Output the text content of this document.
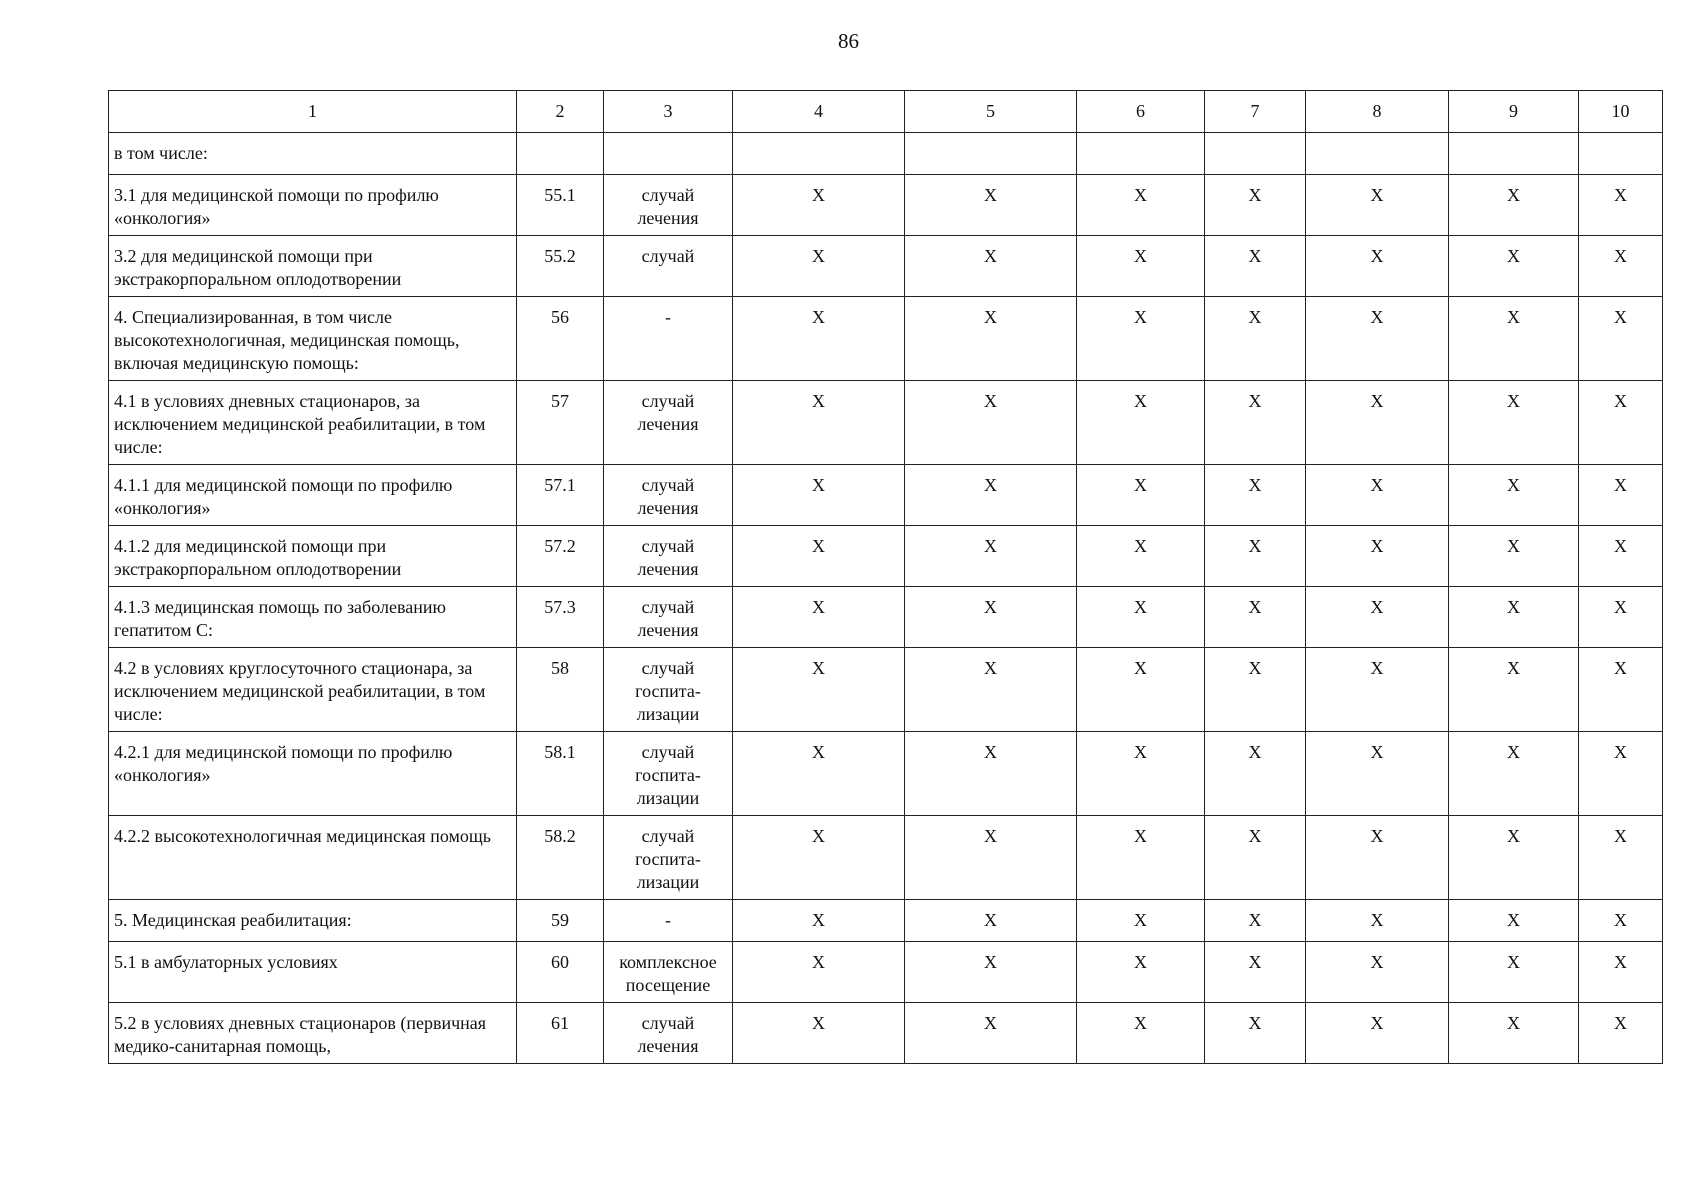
86
1	2	3	4	5	6	7	8	9	10
в том числе:									
3.1 для медицинской помощи по профилю «онкология»	55.1	случай лечения	X	X	X	X	X	X	X
3.2 для медицинской помощи при экстракорпоральном оплодотворении	55.2	случай	X	X	X	X	X	X	X
4. Специализированная, в том числе высокотехнологичная, медицинская помощь, включая медицинскую помощь:	56	-	X	X	X	X	X	X	X
4.1 в условиях дневных стационаров, за исключением медицинской реабилитации, в том числе:	57	случай лечения	X	X	X	X	X	X	X
4.1.1 для медицинской помощи по профилю «онкология»	57.1	случай лечения	X	X	X	X	X	X	X
4.1.2 для медицинской помощи при экстракорпоральном оплодотворении	57.2	случай лечения	X	X	X	X	X	X	X
4.1.3 медицинская помощь по заболеванию гепатитом С:	57.3	случай лечения	X	X	X	X	X	X	X
4.2 в условиях круглосуточного стационара, за исключением медицинской реабилитации, в том числе:	58	случай госпита-лизации	X	X	X	X	X	X	X
4.2.1 для медицинской помощи по профилю «онкология»	58.1	случай госпита-лизации	X	X	X	X	X	X	X
4.2.2 высокотехнологичная медицинская помощь	58.2	случай госпита-лизации	X	X	X	X	X	X	X
5. Медицинская реабилитация:	59	-	X	X	X	X	X	X	X
5.1 в амбулаторных условиях	60	комплексное посещение	X	X	X	X	X	X	X
5.2 в условиях дневных стационаров (первичная медико-санитарная помощь,	61	случай лечения	X	X	X	X	X	X	X
